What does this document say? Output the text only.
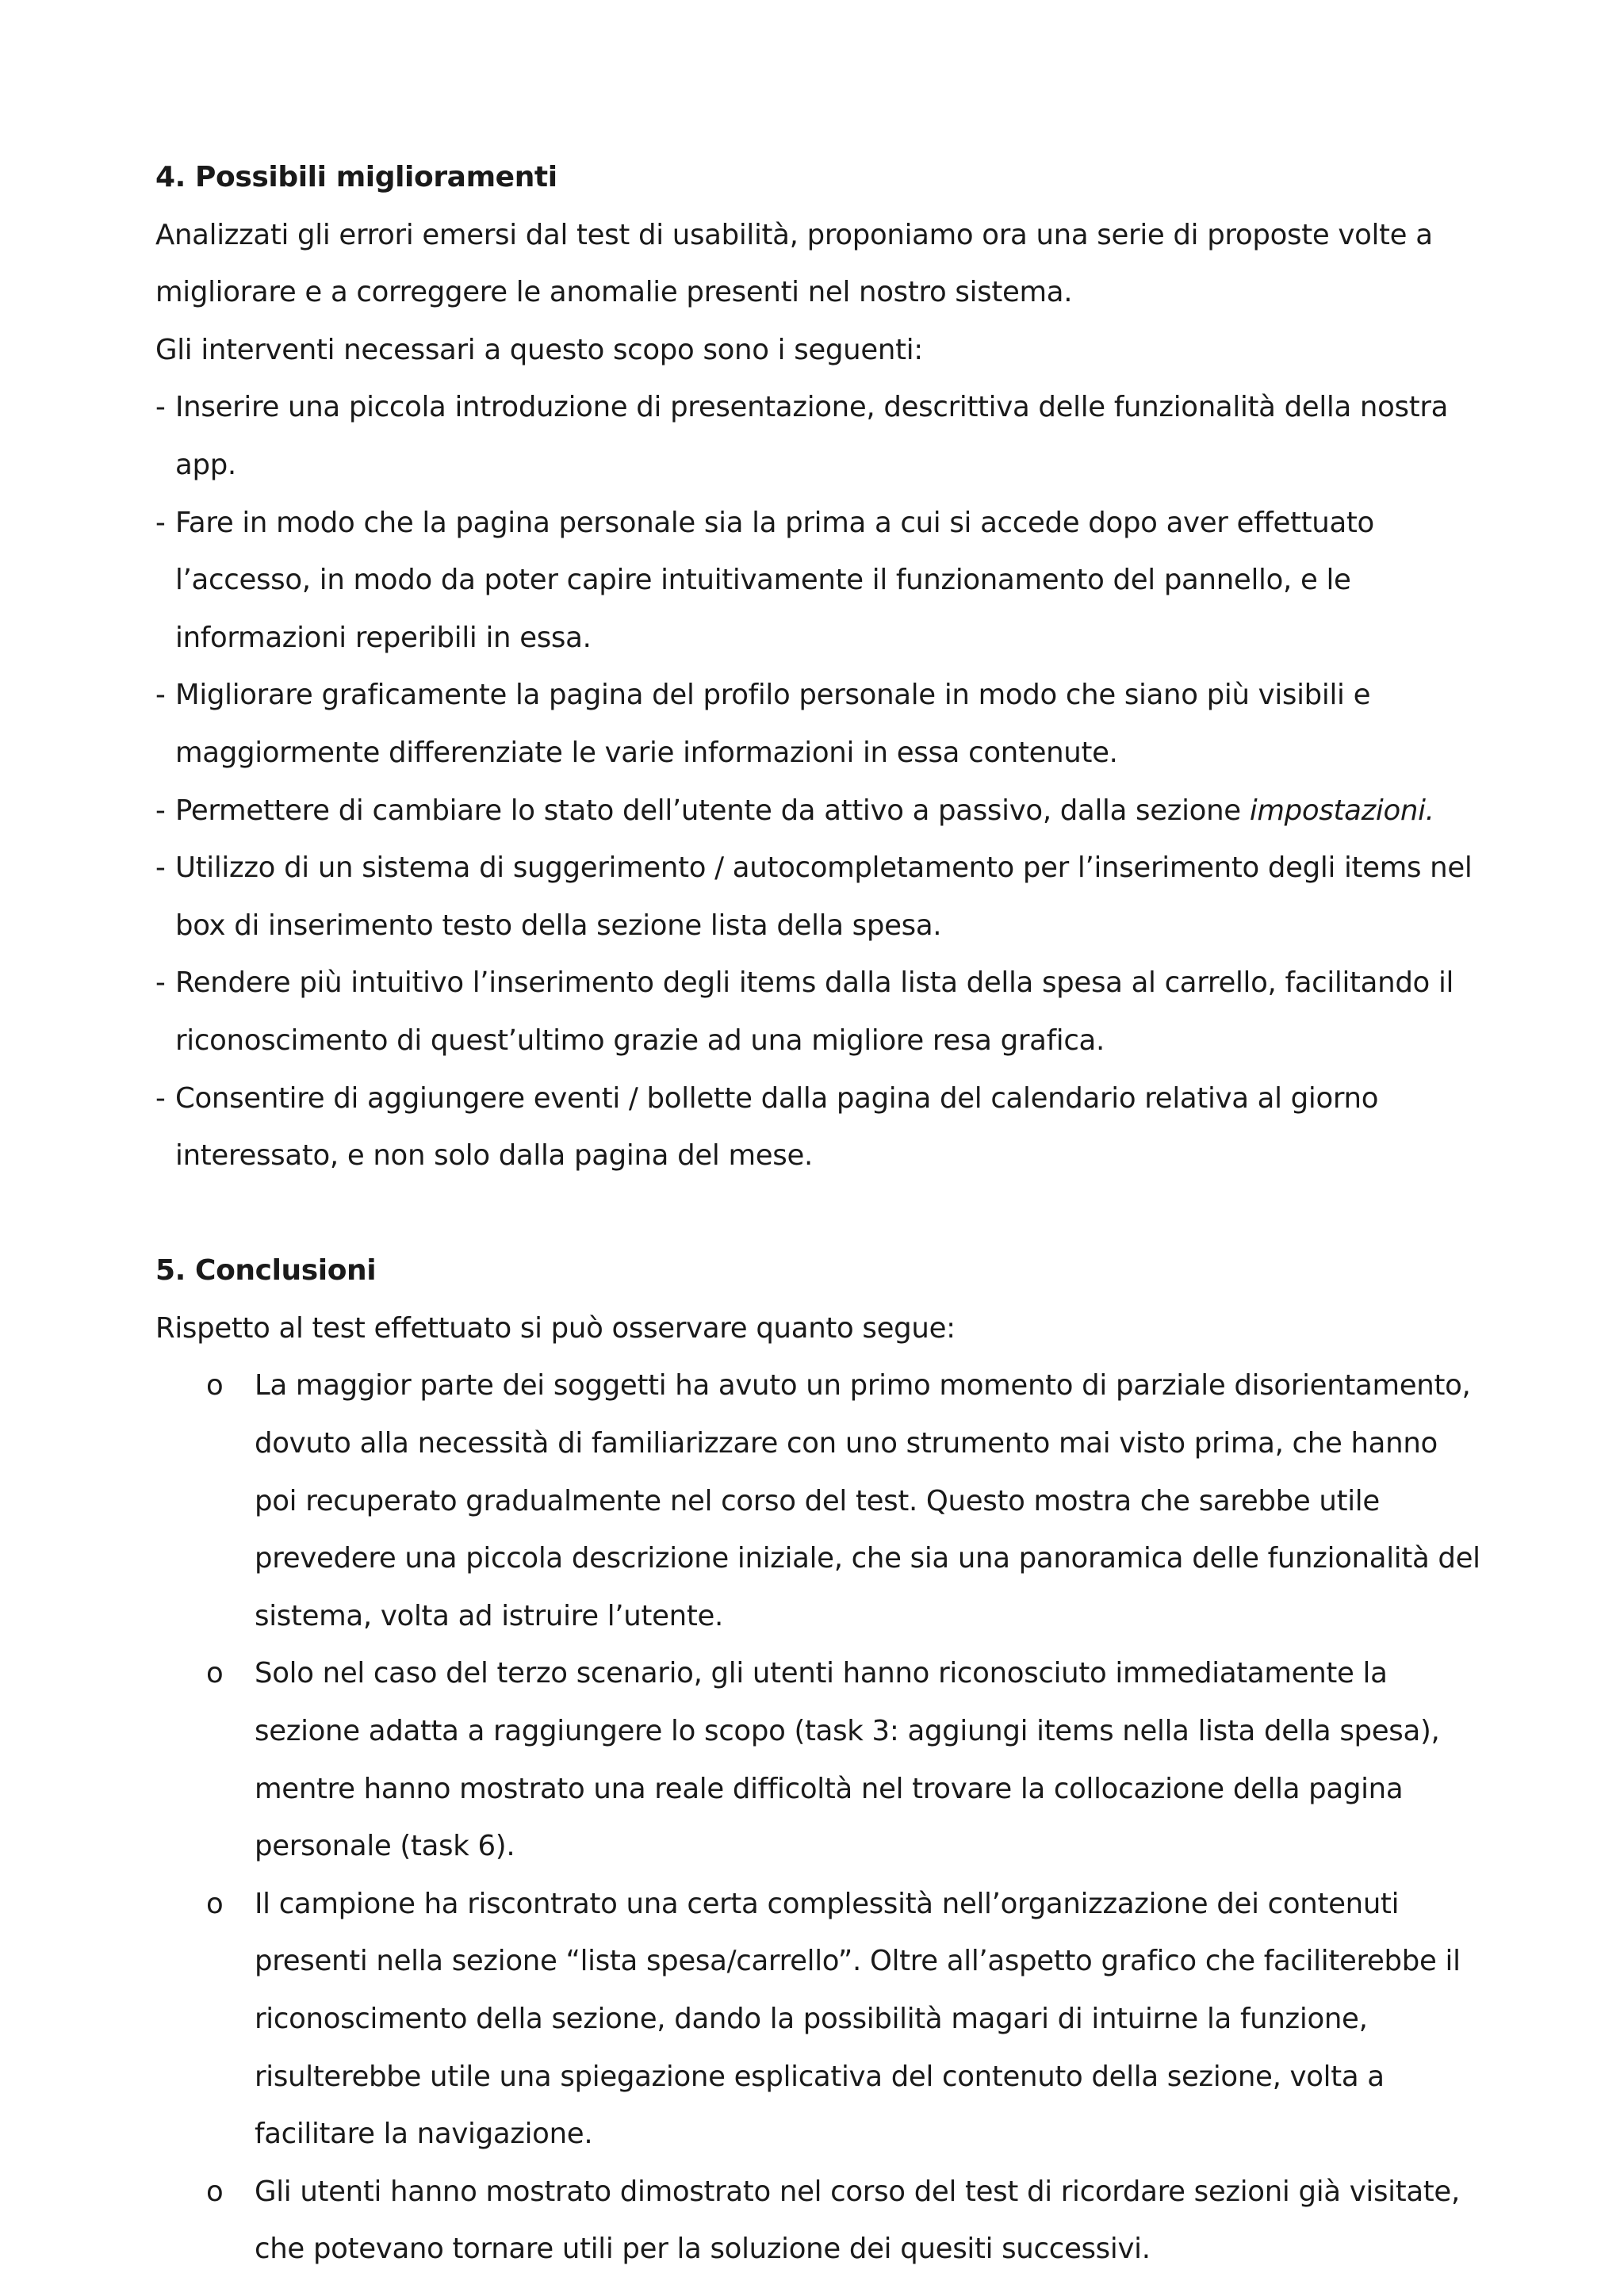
4. Possibili miglioramenti

Analizzati gli errori emersi dal test di usabilità, proponiamo ora una serie di proposte volte a migliorare e a correggere le anomalie presenti nel nostro sistema.

Gli interventi necessari a questo scopo sono i seguenti:

- Inserire una piccola introduzione di presentazione, descrittiva delle funzionalità della nostra app.
- Fare in modo che la pagina personale sia la prima a cui si accede dopo aver effettuato l’accesso, in modo da poter capire intuitivamente il funzionamento del pannello, e le informazioni reperibili in essa.
- Migliorare graficamente la pagina del profilo personale in modo che siano più visibili e maggiormente differenziate le varie informazioni in essa contenute.
- Permettere di cambiare lo stato dell’utente da attivo a passivo, dalla sezione impostazioni.
- Utilizzo di un sistema di suggerimento / autocompletamento per l’inserimento degli items nel box di inserimento testo della sezione lista della spesa.
- Rendere più intuitivo l’inserimento degli items dalla lista della spesa al carrello, facilitando il riconoscimento di quest’ultimo grazie ad una migliore resa grafica.
- Consentire di aggiungere eventi / bollette dalla pagina del calendario relativa al giorno interessato, e non solo dalla pagina del mese.
5. Conclusioni

Rispetto al test effettuato si può osservare quanto segue:

o La maggior parte dei soggetti ha avuto un primo momento di parziale disorientamento, dovuto alla necessità di familiarizzare con uno strumento mai visto prima, che hanno poi recuperato gradualmente nel corso del test. Questo mostra che sarebbe utile prevedere una piccola descrizione iniziale, che sia una panoramica delle funzionalità del sistema, volta ad istruire l’utente.
o Solo nel caso del terzo scenario, gli utenti hanno riconosciuto immediatamente la sezione adatta a raggiungere lo scopo (task 3: aggiungi items nella lista della spesa), mentre hanno mostrato una reale difficoltà nel trovare la collocazione della pagina personale (task 6).
o Il campione ha riscontrato una certa complessità nell’organizzazione dei contenuti presenti nella sezione “lista spesa/carrello”. Oltre all’aspetto grafico che faciliterebbe il riconoscimento della sezione, dando la possibilità magari di intuirne la funzione, risulterebbe utile una spiegazione esplicativa del contenuto della sezione, volta a facilitare la navigazione.
o Gli utenti hanno mostrato dimostrato nel corso del test di ricordare sezioni già visitate, che potevano tornare utili per la soluzione dei quesiti successivi.
